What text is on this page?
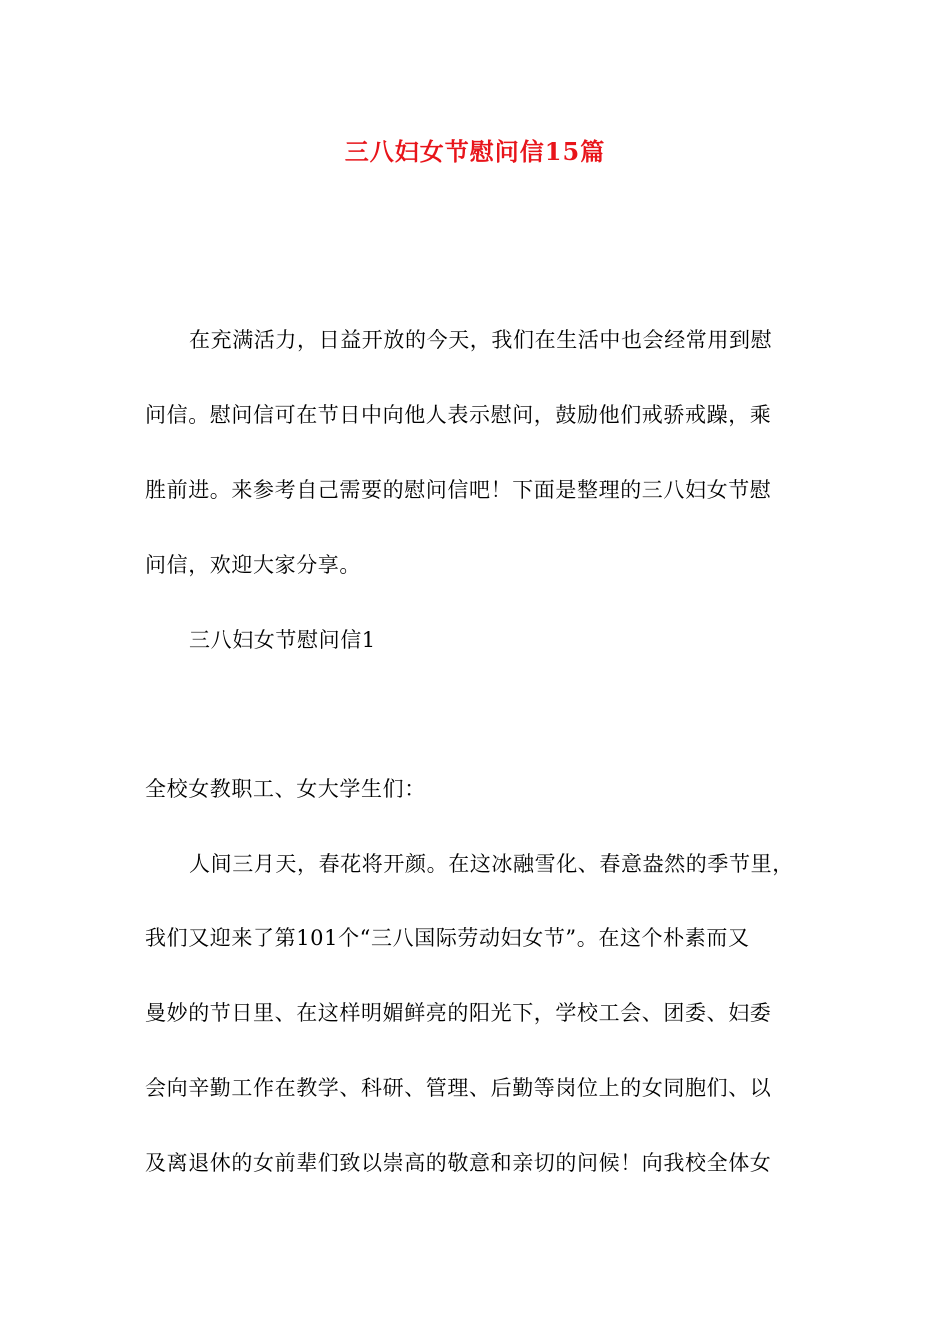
三八妇女节慰问信15篇
在充满活力，日益开放的今天，我们在生活中也会经常用到慰
问信。慰问信可在节日中向他人表示慰问，鼓励他们戒骄戒躁，乘
胜前进。来参考自己需要的慰问信吧！下面是整理的三八妇女节慰
问信，欢迎大家分享。
三八妇女节慰问信1
全校女教职工、女大学生们：
人间三月天，春花将开颜。在这冰融雪化、春意盎然的季节里，
我们又迎来了第101个“三八国际劳动妇女节”。在这个朴素而又
曼妙的节日里、在这样明媚鲜亮的阳光下，学校工会、团委、妇委
会向辛勤工作在教学、科研、管理、后勤等岗位上的女同胞们、以
及离退休的女前辈们致以崇高的敬意和亲切的问候！向我校全体女
